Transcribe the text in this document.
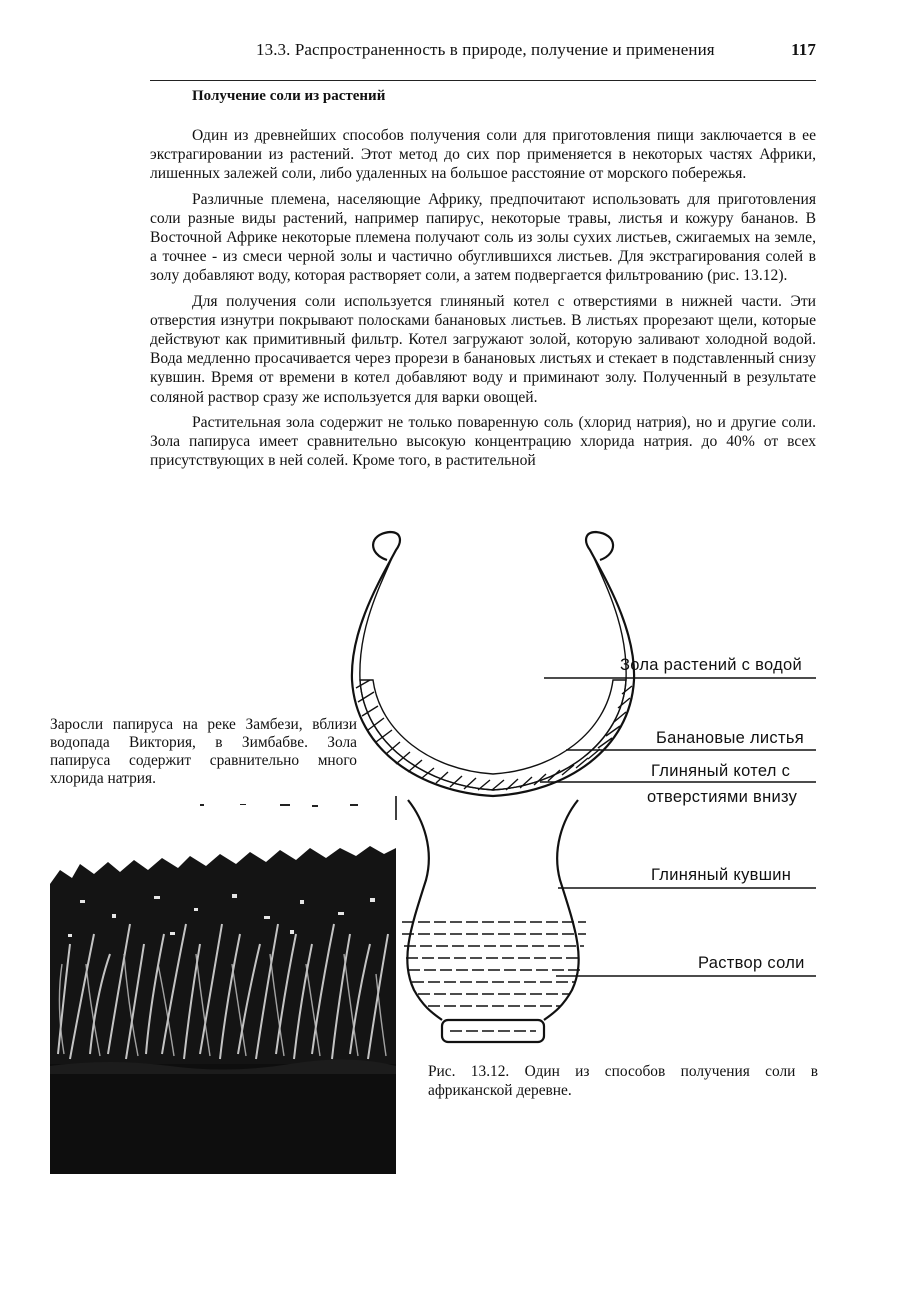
13.3. Распространенность в природе, получение и применения	117
Получение соли из растений

Один из древнейших способов получения соли для приготовления пищи заключается в ее экстрагировании из растений. Этот метод до сих пор применяется в некоторых частях Африки, лишенных залежей соли, либо удаленных на большое расстояние от морского побережья.

Различные племена, населяющие Африку, предпочитают использовать для приготовления соли разные виды растений, например папирус, некоторые травы, листья и кожуру бананов. В Восточной Африке некоторые племена получают соль из золы сухих листьев, сжигаемых на земле, а точнее - из смеси черной золы и частично обуглившихся листьев. Для экстрагирования солей в золу добавляют воду, которая растворяет соли, а затем подвергается фильтрованию (рис. 13.12).

Для получения соли используется глиняный котел с отверстиями в нижней части. Эти отверстия изнутри покрывают полосками банановых листьев. В листьях прорезают щели, которые действуют как примитивный фильтр. Котел загружают золой, которую заливают холодной водой. Вода медленно просачивается через прорези в банановых листьях и стекает в подставленный снизу кувшин. Время от времени в котел добавляют воду и приминают золу. Полученный в результате соляной раствор сразу же используется для варки овощей.

Растительная зола содержит не только поваренную соль (хлорид натрия), но и другие соли. Зола папируса имеет сравнительно высокую концентрацию хлорида натрия. до 40% от всех присутствующих в ней солей. Кроме того, в растительной

Заросли папируса на реке Замбези, вблизи водопада Виктория, в Зимбабве. Зола папируса содержит сравнительно много хлорида натрия.
Зола растений с водой
Банановые листья
Глиняный котел с
отверстиями внизу
Глиняный кувшин
Раствор соли
Рис. 13.12. Один из способов получения соли в африканской деревне.
